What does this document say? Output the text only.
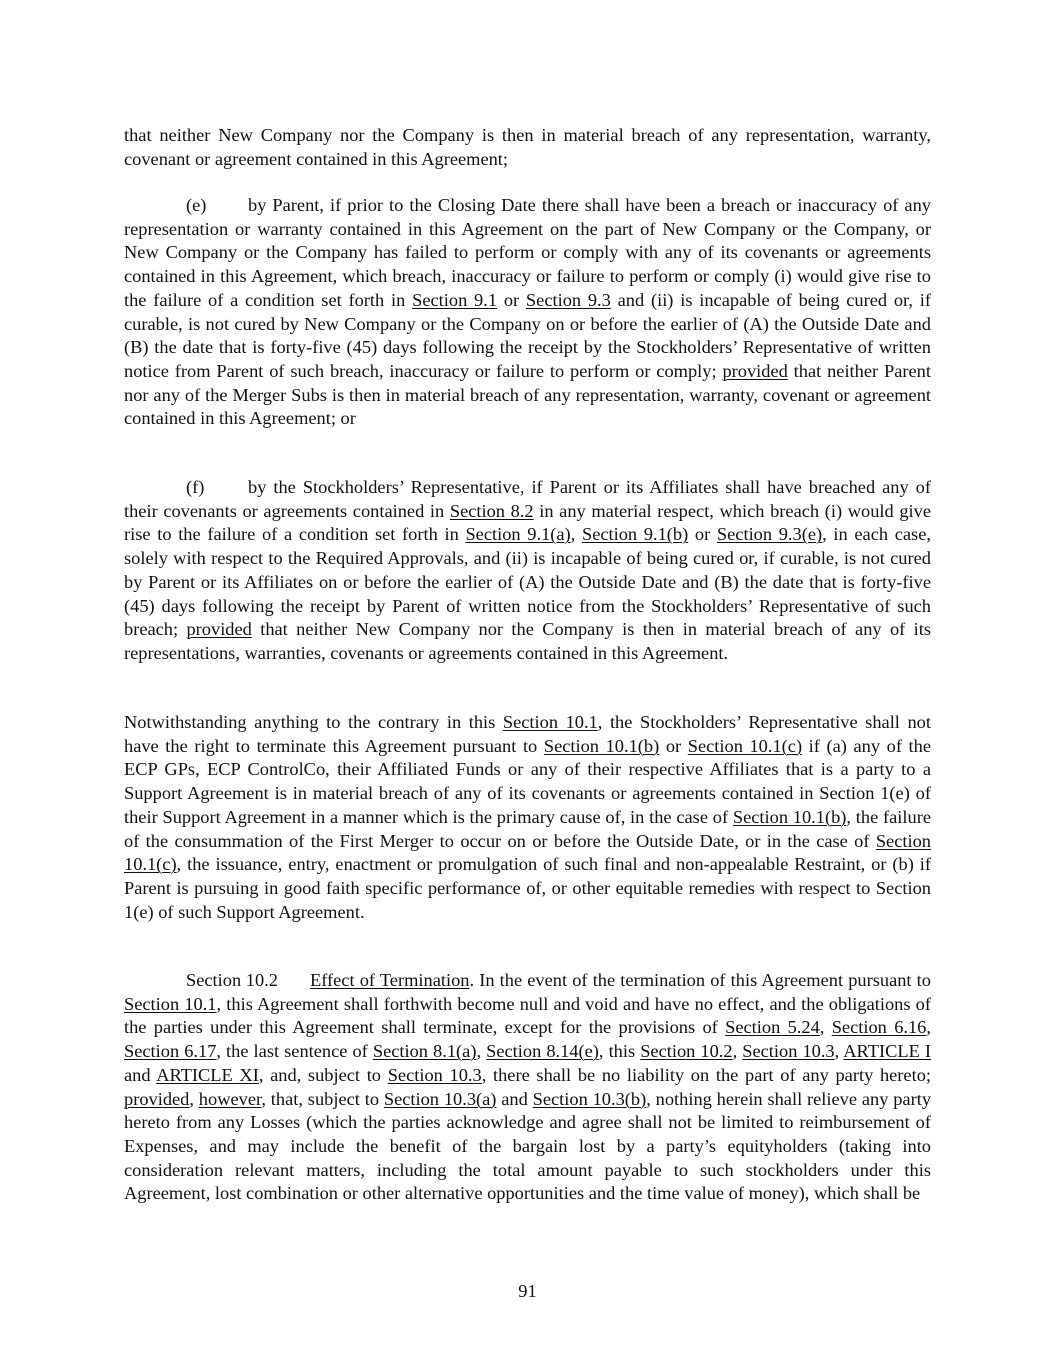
that neither New Company nor the Company is then in material breach of any representation, warranty, covenant or agreement contained in this Agreement;

(e) by Parent, if prior to the Closing Date there shall have been a breach or inaccuracy of any representation or warranty contained in this Agreement on the part of New Company or the Company, or New Company or the Company has failed to perform or comply with any of its covenants or agreements contained in this Agreement, which breach, inaccuracy or failure to perform or comply (i) would give rise to the failure of a condition set forth in Section 9.1 or Section 9.3 and (ii) is incapable of being cured or, if curable, is not cured by New Company or the Company on or before the earlier of (A) the Outside Date and (B) the date that is forty-five (45) days following the receipt by the Stockholders’ Representative of written notice from Parent of such breach, inaccuracy or failure to perform or comply; provided that neither Parent nor any of the Merger Subs is then in material breach of any representation, warranty, covenant or agreement contained in this Agreement; or

(f) by the Stockholders’ Representative, if Parent or its Affiliates shall have breached any of their covenants or agreements contained in Section 8.2 in any material respect, which breach (i) would give rise to the failure of a condition set forth in Section 9.1(a), Section 9.1(b) or Section 9.3(e), in each case, solely with respect to the Required Approvals, and (ii) is incapable of being cured or, if curable, is not cured by Parent or its Affiliates on or before the earlier of (A) the Outside Date and (B) the date that is forty-five (45) days following the receipt by Parent of written notice from the Stockholders’ Representative of such breach; provided that neither New Company nor the Company is then in material breach of any of its representations, warranties, covenants or agreements contained in this Agreement.

Notwithstanding anything to the contrary in this Section 10.1, the Stockholders’ Representative shall not have the right to terminate this Agreement pursuant to Section 10.1(b) or Section 10.1(c) if (a) any of the ECP GPs, ECP ControlCo, their Affiliated Funds or any of their respective Affiliates that is a party to a Support Agreement is in material breach of any of its covenants or agreements contained in Section 1(e) of their Support Agreement in a manner which is the primary cause of, in the case of Section 10.1(b), the failure of the consummation of the First Merger to occur on or before the Outside Date, or in the case of Section 10.1(c), the issuance, entry, enactment or promulgation of such final and non-appealable Restraint, or (b) if Parent is pursuing in good faith specific performance of, or other equitable remedies with respect to Section 1(e) of such Support Agreement.

Section 10.2 Effect of Termination. In the event of the termination of this Agreement pursuant to Section 10.1, this Agreement shall forthwith become null and void and have no effect, and the obligations of the parties under this Agreement shall terminate, except for the provisions of Section 5.24, Section 6.16, Section 6.17, the last sentence of Section 8.1(a), Section 8.14(e), this Section 10.2, Section 10.3, ARTICLE I and ARTICLE XI, and, subject to Section 10.3, there shall be no liability on the part of any party hereto; provided, however, that, subject to Section 10.3(a) and Section 10.3(b), nothing herein shall relieve any party hereto from any Losses (which the parties acknowledge and agree shall not be limited to reimbursement of Expenses, and may include the benefit of the bargain lost by a party’s equityholders (taking into consideration relevant matters, including the total amount payable to such stockholders under this Agreement, lost combination or other alternative opportunities and the time value of money), which shall be

91
